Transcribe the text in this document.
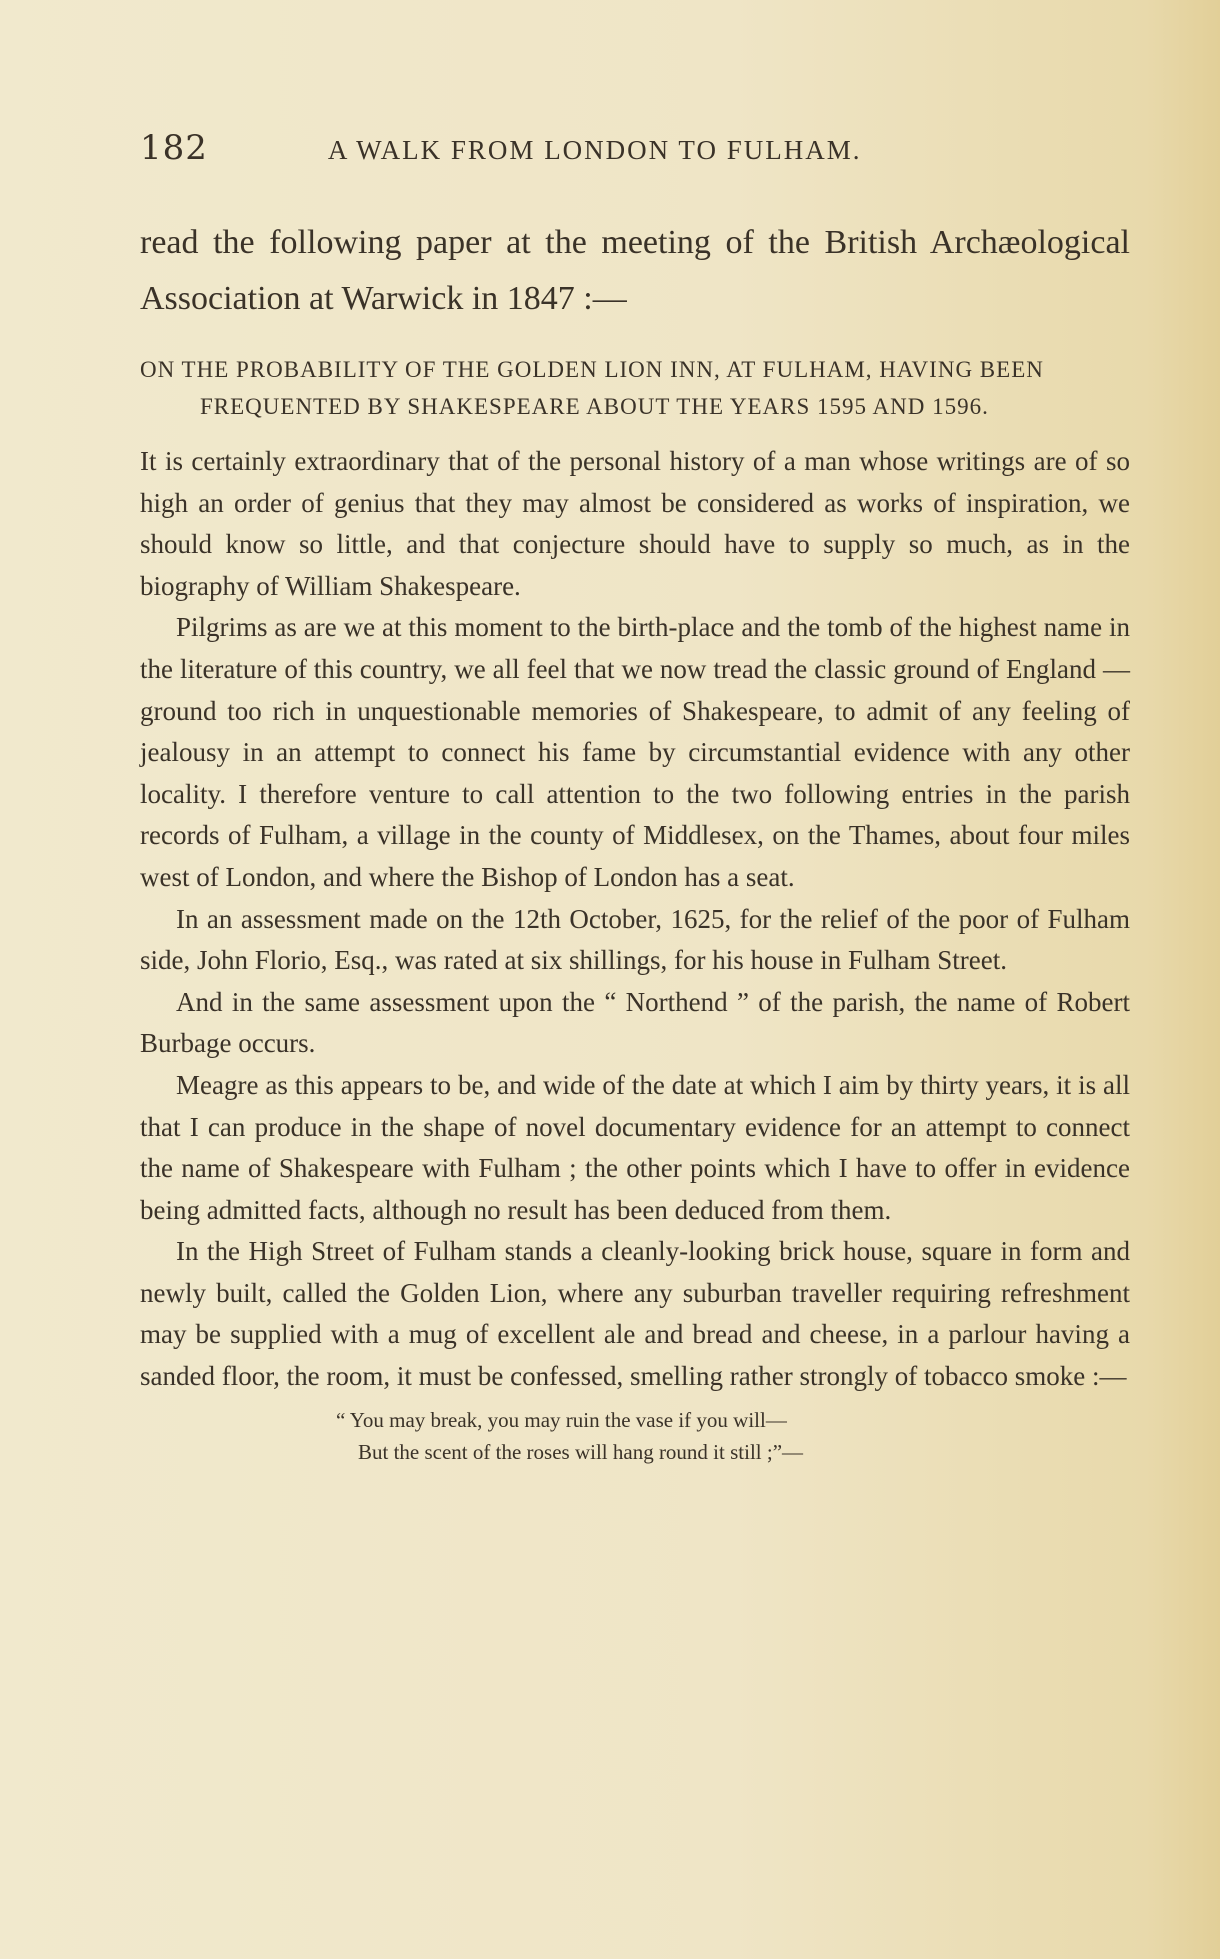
182	A WALK FROM LONDON TO FULHAM.

read the following paper at the meeting of the British Archæological Association at Warwick in 1847 :—

ON THE PROBABILITY OF THE GOLDEN LION INN, AT FULHAM, HAVING BEEN FREQUENTED BY SHAKESPEARE ABOUT THE YEARS 1595 AND 1596.

It is certainly extraordinary that of the personal history of a man whose writings are of so high an order of genius that they may almost be considered as works of inspiration, we should know so little, and that conjecture should have to supply so much, as in the biography of William Shakespeare.

Pilgrims as are we at this moment to the birth-place and the tomb of the highest name in the literature of this country, we all feel that we now tread the classic ground of England — ground too rich in unquestionable memories of Shakespeare, to admit of any feeling of jealousy in an attempt to connect his fame by circumstantial evidence with any other locality. I therefore venture to call attention to the two following entries in the parish records of Fulham, a village in the county of Middlesex, on the Thames, about four miles west of London, and where the Bishop of London has a seat.

In an assessment made on the 12th October, 1625, for the relief of the poor of Fulham side, John Florio, Esq., was rated at six shillings, for his house in Fulham Street.

And in the same assessment upon the “ Northend ” of the parish, the name of Robert Burbage occurs.

Meagre as this appears to be, and wide of the date at which I aim by thirty years, it is all that I can produce in the shape of novel documentary evidence for an attempt to connect the name of Shakespeare with Fulham ; the other points which I have to offer in evidence being admitted facts, although no result has been deduced from them.

In the High Street of Fulham stands a cleanly-looking brick house, square in form and newly built, called the Golden Lion, where any suburban traveller requiring refreshment may be supplied with a mug of excellent ale and bread and cheese, in a parlour having a sanded floor, the room, it must be confessed, smelling rather strongly of tobacco smoke :—

“ You may break, you may ruin the vase if you will—
But the scent of the roses will hang round it still ;”—
